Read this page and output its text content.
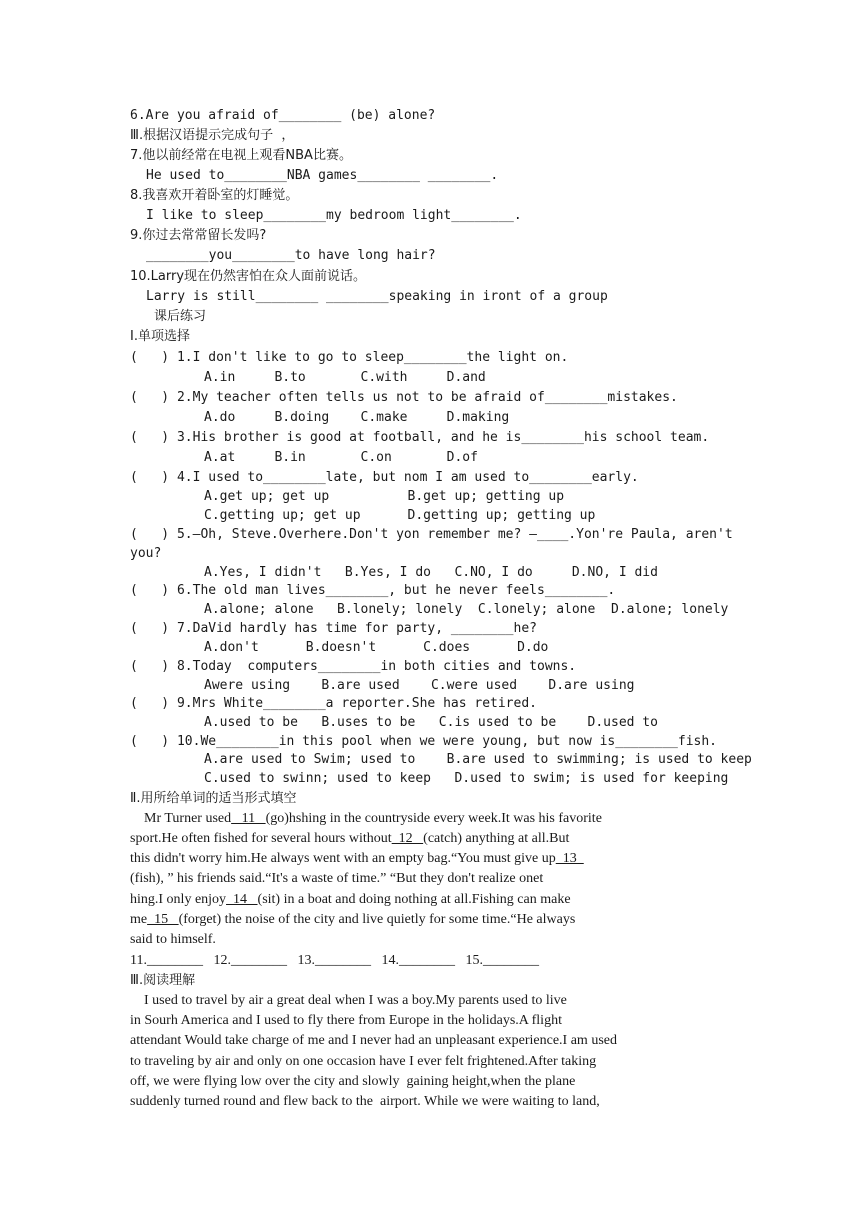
6.Are you afraid of________ (be) alone?
Ⅲ.根据汉语提示完成句子  ，
7.他以前经常在电视上观看NBA比赛。
He used to________NBA games________ ________.
8.我喜欢开着卧室的灯睡觉。
I like to sleep________my bedroom light________.
9.你过去常常留长发吗?
________you________to have long hair?
10.Larry现在仍然害怕在众人面前说话。
Larry is still________ ________speaking in iront of a group
课后练习
Ⅰ.单项选择
(   ) 1.I don't like to go to sleep________the light on.
A.in     B.to       C.with     D.and
(   ) 2.My teacher often tells us not to be afraid of________mistakes.
A.do     B.doing    C.make     D.making
(   ) 3.His brother is good at football, and he is________his school team.
A.at     B.in       C.on       D.of
(   ) 4.I used to________late, but nom I am used to________early.
A.get up; get up          B.get up; getting up
C.getting up; get up      D.getting up; getting up
(   ) 5.—Oh, Steve.Overhere.Don't yon remember me? —____.Yon're Paula, aren't
you?
A.Yes, I didn't   B.Yes, I do   C.NO, I do     D.NO, I did
(   ) 6.The old man lives________, but he never feels________.
A.alone; alone   B.lonely; lonely  C.lonely; alone  D.alone; lonely
(   ) 7.DaVid hardly has time for party, ________he?
A.don't      B.doesn't      C.does      D.do
(   ) 8.Today  computers________in both cities and towns.
Awere using    B.are used    C.were used    D.are using
(   ) 9.Mrs White________a reporter.She has retired.
A.used to be   B.uses to be   C.is used to be    D.used to
(   ) 10.We________in this pool when we were young, but now is________fish.
A.are used to Swim; used to    B.are used to swimming; is used to keep
C.used to swinn; used to keep   D.used to swim; is used for keeping
Ⅱ.用所给单词的适当形式填空
Mr Turner used   11   (go)hshing in the countryside every week.It was his favorite
sport.He often fished for several hours without  12   (catch) anything at all.But
this didn't worry him.He always went with an empty bag.“You must give up  13
(fish), ” his friends said.“It's a waste of time.” “But they don't realize onet
hing.I only enjoy  14   (sit) in a boat and doing nothing at all.Fishing can make
me  15   (forget) the noise of the city and live quietly for some time.“He always
said to himself.
11.________   12.________   13.________   14.________   15.________
Ⅲ.阅读理解
I used to travel by air a great deal when I was a boy.My parents used to live
in Sourh America and I used to fly there from Europe in the holidays.A flight
attendant Would take charge of me and I never had an unpleasant experience.I am used
to traveling by air and only on one occasion have I ever felt frightened.After taking
off, we were flying low over the city and slowly  gaining height,when the plane
suddenly turned round and flew back to the  airport. While we were waiting to land,
